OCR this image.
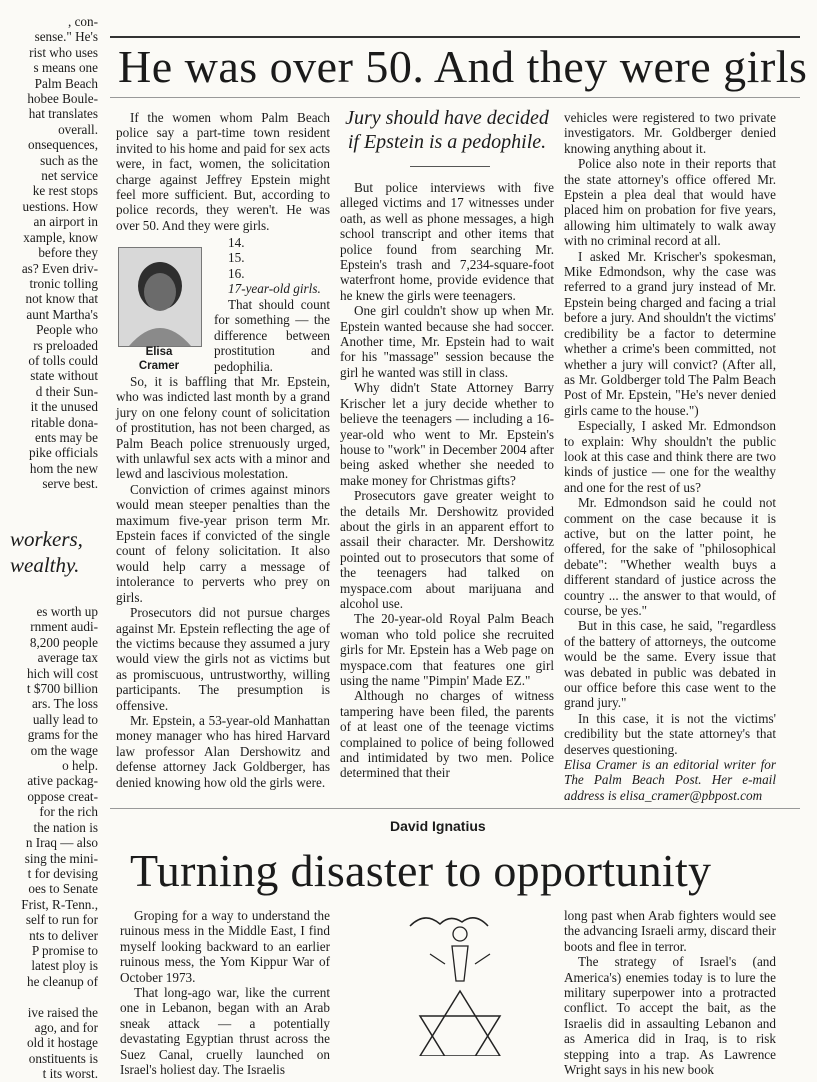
, con-
sense." He's
rist who uses
s means one
Palm Beach
hobee Boule-
hat translates
overall.
onsequences,
such as the
net service
ke rest stops
uestions. How
an airport in
xample, know
before they
as? Even driv-
tronic tolling
not know that
aunt Martha's
People who
rs preloaded
of tolls could
state without
d their Sun-
it the unused
ritable dona-
ents may be
pike officials
hom the new
serve best.
workers, wealthy.
es worth up
rnment audi-
8,200 people
average tax
hich will cost
t $700 billion
ars. The loss
ually lead to
grams for the
om the wage
o help.
ative packag-
oppose creat-
for the rich
the nation is
n Iraq — also
sing the mini-
t for devising
oes to Senate
Frist, R-Tenn.,
self to run for
nts to deliver
P promise to
latest ploy is
he cleanup of

ive raised the
ago, and for
old it hostage
onstituents is
t its worst.
He was over 50. And they were girls

If the women whom Palm Beach police say a part-time town resident invited to his home and paid for sex acts were, in fact, women, the solicitation charge against Jeffrey Epstein might feel more sufficient. But, according to police records, they weren't. He was over 50. And they were girls.

Elisa
Cramer
14.
15.
16.
17-year-old girls.

That should count for something — the difference between prostitution and pedophilia.

So, it is baffling that Mr. Epstein, who was indicted last month by a grand jury on one felony count of solicitation of prostitution, has not been charged, as Palm Beach police strenuously urged, with unlawful sex acts with a minor and lewd and lascivious molestation.

Conviction of crimes against minors would mean steeper penalties than the maximum five-year prison term Mr. Epstein faces if convicted of the single count of felony solicitation. It also would help carry a message of intolerance to perverts who prey on girls.

Prosecutors did not pursue charges against Mr. Epstein reflecting the age of the victims because they assumed a jury would view the girls not as victims but as promiscuous, untrustworthy, willing participants. The presumption is offensive.

Mr. Epstein, a 53-year-old Manhattan money manager who has hired Harvard law professor Alan Dershowitz and defense attorney Jack Goldberger, has denied knowing how old the girls were.

Jury should have decided if Epstein is a pedophile.

But police interviews with five alleged victims and 17 witnesses under oath, as well as phone messages, a high school transcript and other items that police found from searching Mr. Epstein's trash and 7,234-square-foot waterfront home, provide evidence that he knew the girls were teenagers.

One girl couldn't show up when Mr. Epstein wanted because she had soccer. Another time, Mr. Epstein had to wait for his "massage" session because the girl he wanted was still in class.

Why didn't State Attorney Barry Krischer let a jury decide whether to believe the teenagers — including a 16-year-old who went to Mr. Epstein's house to "work" in December 2004 after being asked whether she needed to make money for Christmas gifts?

Prosecutors gave greater weight to the details Mr. Dershowitz provided about the girls in an apparent effort to assail their character. Mr. Dershowitz pointed out to prosecutors that some of the teenagers had talked on myspace.com about marijuana and alcohol use.

The 20-year-old Royal Palm Beach woman who told police she recruited girls for Mr. Epstein has a Web page on myspace.com that features one girl using the name "Pimpin' Made EZ."

Although no charges of witness tampering have been filed, the parents of at least one of the teenage victims complained to police of being followed and intimidated by two men. Police determined that their

vehicles were registered to two private investigators. Mr. Goldberger denied knowing anything about it.

Police also note in their reports that the state attorney's office offered Mr. Epstein a plea deal that would have placed him on probation for five years, allowing him ultimately to walk away with no criminal record at all.

I asked Mr. Krischer's spokesman, Mike Edmondson, why the case was referred to a grand jury instead of Mr. Epstein being charged and facing a trial before a jury. And shouldn't the victims' credibility be a factor to determine whether a crime's been committed, not whether a jury will convict? (After all, as Mr. Goldberger told The Palm Beach Post of Mr. Epstein, "He's never denied girls came to the house.")

Especially, I asked Mr. Edmondson to explain: Why shouldn't the public look at this case and think there are two kinds of justice — one for the wealthy and one for the rest of us?

Mr. Edmondson said he could not comment on the case because it is active, but on the latter point, he offered, for the sake of "philosophical debate": "Whether wealth buys a different standard of justice across the country ... the answer to that would, of course, be yes."

But in this case, he said, "regardless of the battery of attorneys, the outcome would be the same. Every issue that was debated in public was debated in our office before this case went to the grand jury."

In this case, it is not the victims' credibility but the state attorney's that deserves questioning.

Elisa Cramer is an editorial writer for The Palm Beach Post. Her e-mail address is elisa_cramer@pbpost.com

David Ignatius
Turning disaster to opportunity

Groping for a way to understand the ruinous mess in the Middle East, I find myself looking backward to an earlier ruinous mess, the Yom Kippur War of October 1973.

That long-ago war, like the current one in Lebanon, began with an Arab sneak attack — a potentially devastating Egyptian thrust across the Suez Canal, cruelly launched on Israel's holiest day. The Israelis

long past when Arab fighters would see the advancing Israeli army, discard their boots and flee in terror.

The strategy of Israel's (and America's) enemies today is to lure the military superpower into a protracted conflict. To accept the bait, as the Israelis did in assaulting Lebanon and as America did in Iraq, is to risk stepping into a trap. As Lawrence Wright says in his new book
